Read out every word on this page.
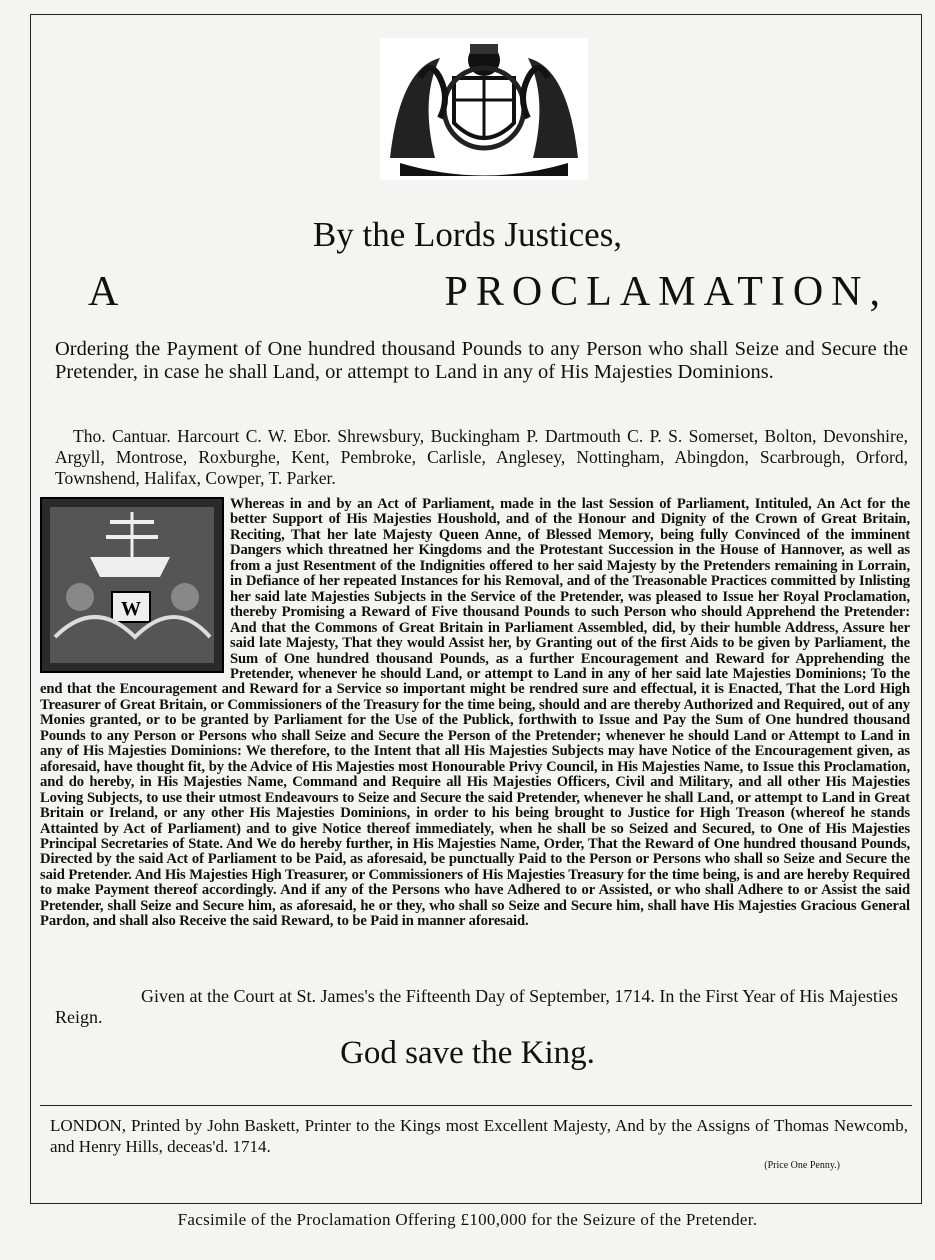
By the Lords Justices,
A PROCLAMATION,
Ordering the Payment of One hundred thousand Pounds to any Person who shall Seize and Secure the Pretender, in case he shall Land, or attempt to Land in any of His Majesties Dominions.
Tho. Cantuar. Harcourt C. W. Ebor. Shrewsbury, Buckingham P. Dartmouth C. P. S. Somerset, Bolton, Devonshire, Argyll, Montrose, Roxburghe, Kent, Pembroke, Carlisle, Anglesey, Nottingham, Abingdon, Scarbrough, Orford, Townshend, Halifax, Cowper, T. Parker.
W
Whereas in and by an Act of Parliament, made in the last Session of Parliament, Intituled, An Act for the better Support of His Majesties Houshold, and of the Honour and Dignity of the Crown of Great Britain, Reciting, That her late Majesty Queen Anne, of Blessed Memory, being fully Convinced of the imminent Dangers which threatned her Kingdoms and the Protestant Succession in the House of Hannover, as well as from a just Resentment of the Indignities offered to her said Majesty by the Pretenders remaining in Lorrain, in Defiance of her repeated Instances for his Removal, and of the Treasonable Practices committed by Inlisting her said late Majesties Subjects in the Service of the Pretender, was pleased to Issue her Royal Proclamation, thereby Promising a Reward of Five thousand Pounds to such Person who should Apprehend the Pretender: And that the Commons of Great Britain in Parliament Assembled, did, by their humble Address, Assure her said late Majesty, That they would Assist her, by Granting out of the first Aids to be given by Parliament, the Sum of One hundred thousand Pounds, as a further Encouragement and Reward for Apprehending the Pretender, whenever he should Land, or attempt to Land in any of her said late Majesties Dominions; To the end that the Encouragement and Reward for a Service so important might be rendred sure and effectual, it is Enacted, That the Lord High Treasurer of Great Britain, or Commissioners of the Treasury for the time being, should and are thereby Authorized and Required, out of any Monies granted, or to be granted by Parliament for the Use of the Publick, forthwith to Issue and Pay the Sum of One hundred thousand Pounds to any Person or Persons who shall Seize and Secure the Person of the Pretender; whenever he should Land or Attempt to Land in any of His Majesties Dominions: We therefore, to the Intent that all His Majesties Subjects may have Notice of the Encouragement given, as aforesaid, have thought fit, by the Advice of His Majesties most Honourable Privy Council, in His Majesties Name, to Issue this Proclamation, and do hereby, in His Majesties Name, Command and Require all His Majesties Officers, Civil and Military, and all other His Majesties Loving Subjects, to use their utmost Endeavours to Seize and Secure the said Pretender, whenever he shall Land, or attempt to Land in Great Britain or Ireland, or any other His Majesties Dominions, in order to his being brought to Justice for High Treason (whereof he stands Attainted by Act of Parliament) and to give Notice thereof immediately, when he shall be so Seized and Secured, to One of His Majesties Principal Secretaries of State. And We do hereby further, in His Majesties Name, Order, That the Reward of One hundred thousand Pounds, Directed by the said Act of Parliament to be Paid, as aforesaid, be punctually Paid to the Person or Persons who shall so Seize and Secure the said Pretender. And His Majesties High Treasurer, or Commissioners of His Majesties Treasury for the time being, is and are hereby Required to make Payment thereof accordingly. And if any of the Persons who have Adhered to or Assisted, or who shall Adhere to or Assist the said Pretender, shall Seize and Secure him, as aforesaid, he or they, who shall so Seize and Secure him, shall have His Majesties Gracious General Pardon, and shall also Receive the said Reward, to be Paid in manner aforesaid.
Given at the Court at St. James's the Fifteenth Day of September, 1714. In the First Year of His Majesties Reign.
God save the King.
LONDON, Printed by John Baskett, Printer to the Kings most Excellent Majesty, And by the Assigns of Thomas Newcomb, and Henry Hills, deceas'd. 1714.
(Price One Penny.)
Facsimile of the Proclamation Offering £100,000 for the Seizure of the Pretender.
